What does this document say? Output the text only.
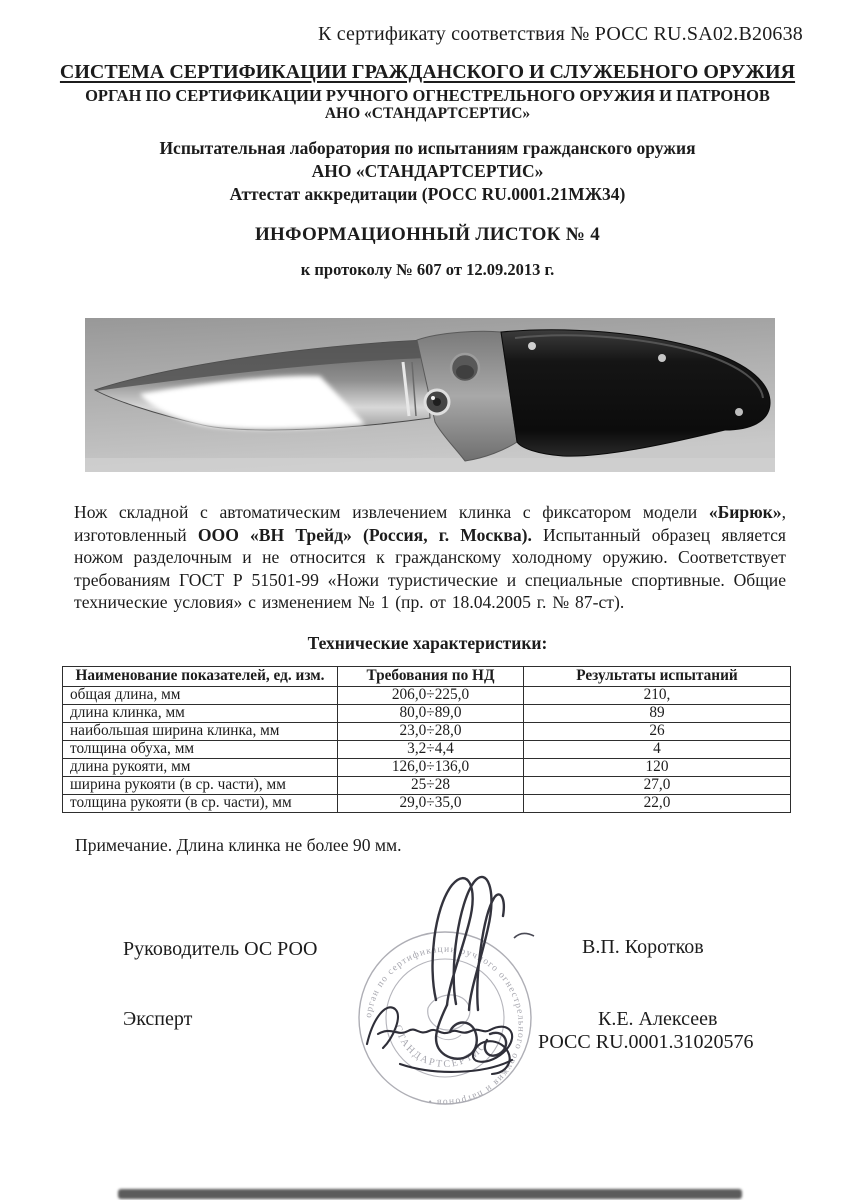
К сертификату соответствия № РОСС RU.SA02.B20638
СИСТЕМА СЕРТИФИКАЦИИ ГРАЖДАНСКОГО И СЛУЖЕБНОГО ОРУЖИЯ
ОРГАН ПО СЕРТИФИКАЦИИ РУЧНОГО ОГНЕСТРЕЛЬНОГО ОРУЖИЯ И ПАТРОНОВ
АНО «СТАНДАРТСЕРТИС»
Испытательная лаборатория по испытаниям гражданского оружия
АНО «СТАНДАРТСЕРТИС»
Аттестат аккредитации (РОСС RU.0001.21МЖ34)
ИНФОРМАЦИОННЫЙ ЛИСТОК № 4
к протоколу № 607 от 12.09.2013 г.
Нож складной с автоматическим извлечением клинка с фиксатором модели «Бирюк», изготовленный ООО «ВН Трейд» (Россия, г. Москва). Испытанный образец является ножом разделочным и не относится к гражданскому холодному оружию. Соответствует требованиям ГОСТ Р 51501-99 «Ножи туристические и специальные спортивные. Общие технические условия» с изменением № 1 (пр. от 18.04.2005 г. № 87-ст).
Технические характеристики:
Наименование показателей, ед. изм.	Требования по НД	Результаты испытаний
общая длина, мм	206,0÷225,0	210,
длина клинка, мм	80,0÷89,0	89
наибольшая ширина клинка, мм	23,0÷28,0	26
толщина обуха, мм	3,2÷4,4	4
длина рукояти, мм	126,0÷136,0	120
ширина рукояти (в ср. части), мм	25÷28	27,0
толщина рукояти (в ср. части), мм	29,0÷35,0	22,0
Примечание. Длина клинка не более 90 мм.
Руководитель ОС РОО	В.П. Коротков
Эксперт	К.Е. Алексеев
РОСС RU.0001.31020576
орган по сертификации ручного огнестрельного оружия и патронов •
СТАНДАРТСЕРТИС
